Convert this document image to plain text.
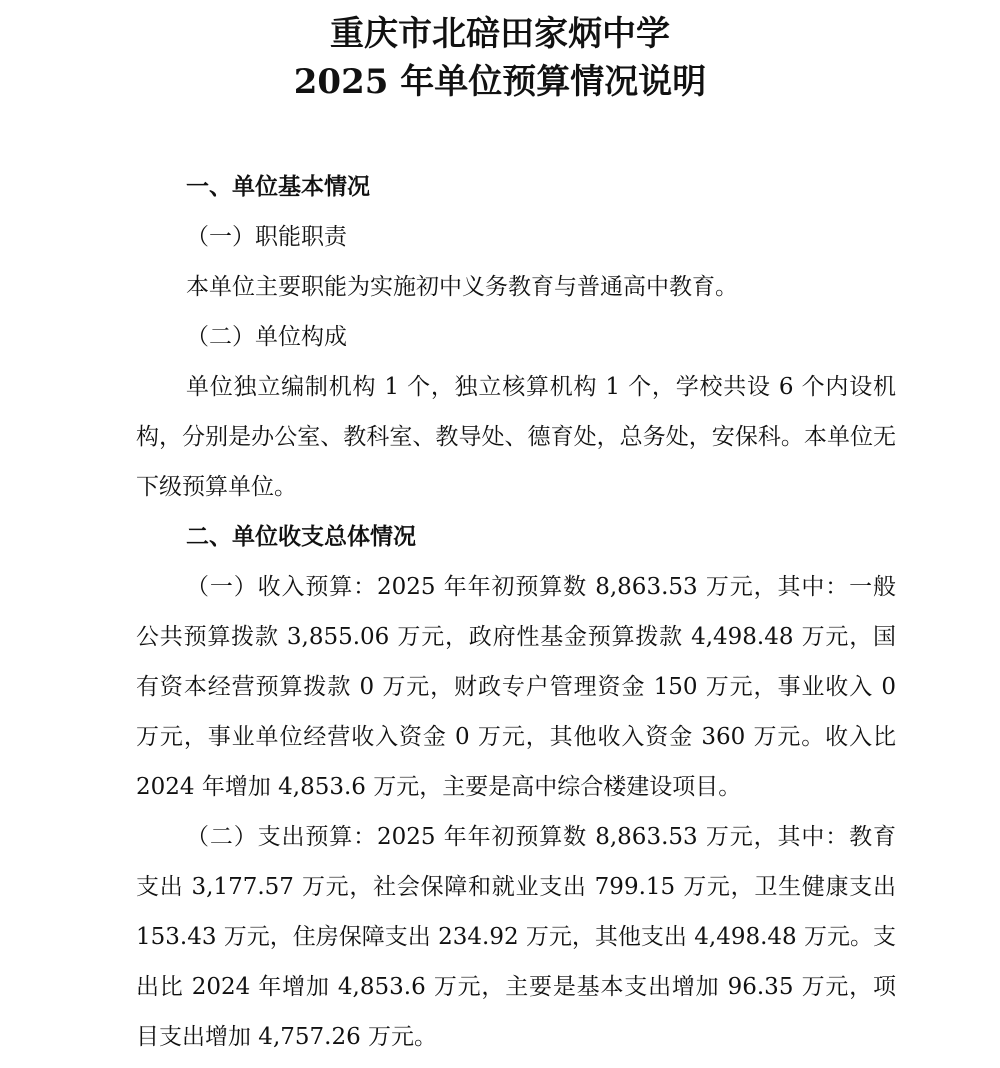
重庆市北碚田家炳中学
2025 年单位预算情况说明

一、单位基本情况

（一）职能职责

本单位主要职能为实施初中义务教育与普通高中教育。

（二）单位构成

单位独立编制机构 1 个，独立核算机构 1 个，学校共设 6 个内设机构，分别是办公室、教科室、教导处、德育处，总务处，安保科。本单位无下级预算单位。

二、单位收支总体情况

（一）收入预算：2025 年年初预算数 8,863.53 万元，其中：一般公共预算拨款 3,855.06 万元，政府性基金预算拨款 4,498.48 万元，国有资本经营预算拨款 0 万元，财政专户管理资金 150 万元，事业收入 0 万元，事业单位经营收入资金 0 万元，其他收入资金 360 万元。收入比 2024 年增加 4,853.6 万元，主要是高中综合楼建设项目。

（二）支出预算：2025 年年初预算数 8,863.53 万元，其中：教育支出 3,177.57 万元，社会保障和就业支出 799.15 万元，卫生健康支出 153.43 万元，住房保障支出 234.92 万元，其他支出 4,498.48 万元。支出比 2024 年增加 4,853.6 万元，主要是基本支出增加 96.35 万元，项目支出增加 4,757.26 万元。
